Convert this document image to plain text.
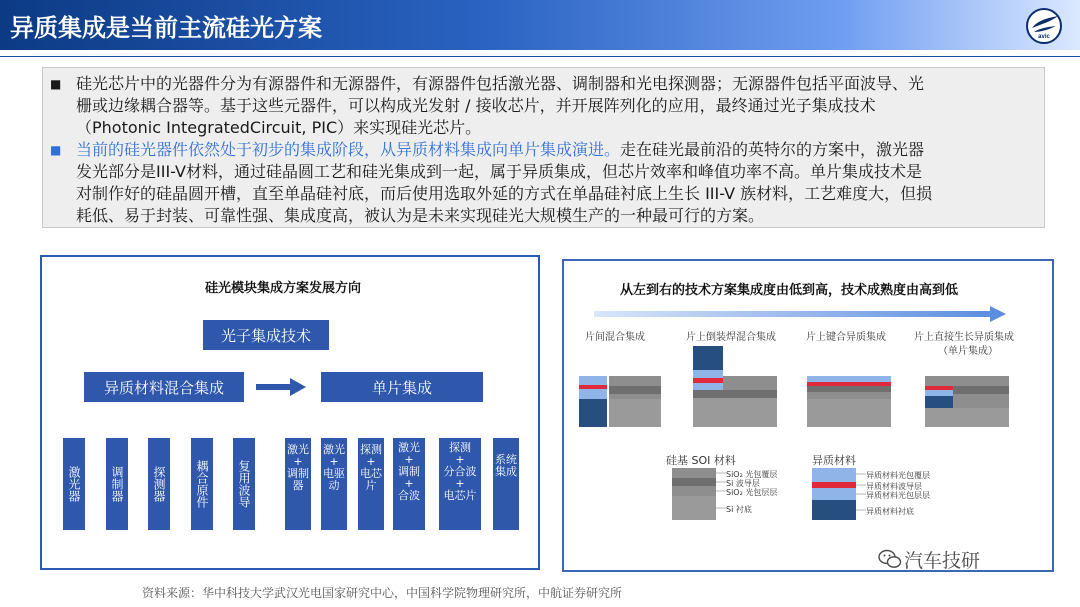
异质集成是当前主流硅光方案	avic
■ 硅光芯片中的光器件分为有源器件和无源器件，有源器件包括激光器、调制器和光电探测器；无源器件包括平面波导、光
栅或边缘耦合器等。基于这些元器件，可以构成光发射 / 接收芯片，并开展阵列化的应用，最终通过光子集成技术
（Photonic IntegratedCircuit, PIC）来实现硅光芯片。
■ 当前的硅光器件依然处于初步的集成阶段，从异质材料集成向单片集成演进。走在硅光最前沿的英特尔的方案中，激光器
发光部分是III-V材料，通过硅晶圆工艺和硅光集成到一起，属于异质集成，但芯片效率和峰值功率不高。单片集成技术是
对制作好的硅晶圆开槽，直至单晶硅衬底，而后使用选取外延的方式在单晶硅衬底上生长 III-V 族材料，工艺难度大，但损
耗低、易于封装、可靠性强、集成度高，被认为是未来实现硅光大规模生产的一种最可行的方案。
硅光模块集成方案发展方向
光子集成技术
异质材料混合集成	单片集成
激光器	调制器	探测器	耦合原件	复用波导
激光
+
调制器
激光
+
电驱动
探测
+
电芯片
激光
+
调制
+
合波
探测
+
分合波
+
电芯片
系统
集成
从左到右的技术方案集成度由低到高，技术成熟度由高到低
片间混合集成	片上倒装焊混合集成	片上键合异质集成	片上直接生长异质集成
（单片集成）
硅基 SOI 材料
SiO₂ 光包覆层
Si 波导层
SiO₂ 光包层层
Si 衬底
异质材料
异质材料光包覆层
异质材料波导层
异质材料光包层层
异质材料衬底
资料来源：华中科技大学武汉光电国家研究中心，中国科学院物理研究所，中航证券研究所
汽车技研
